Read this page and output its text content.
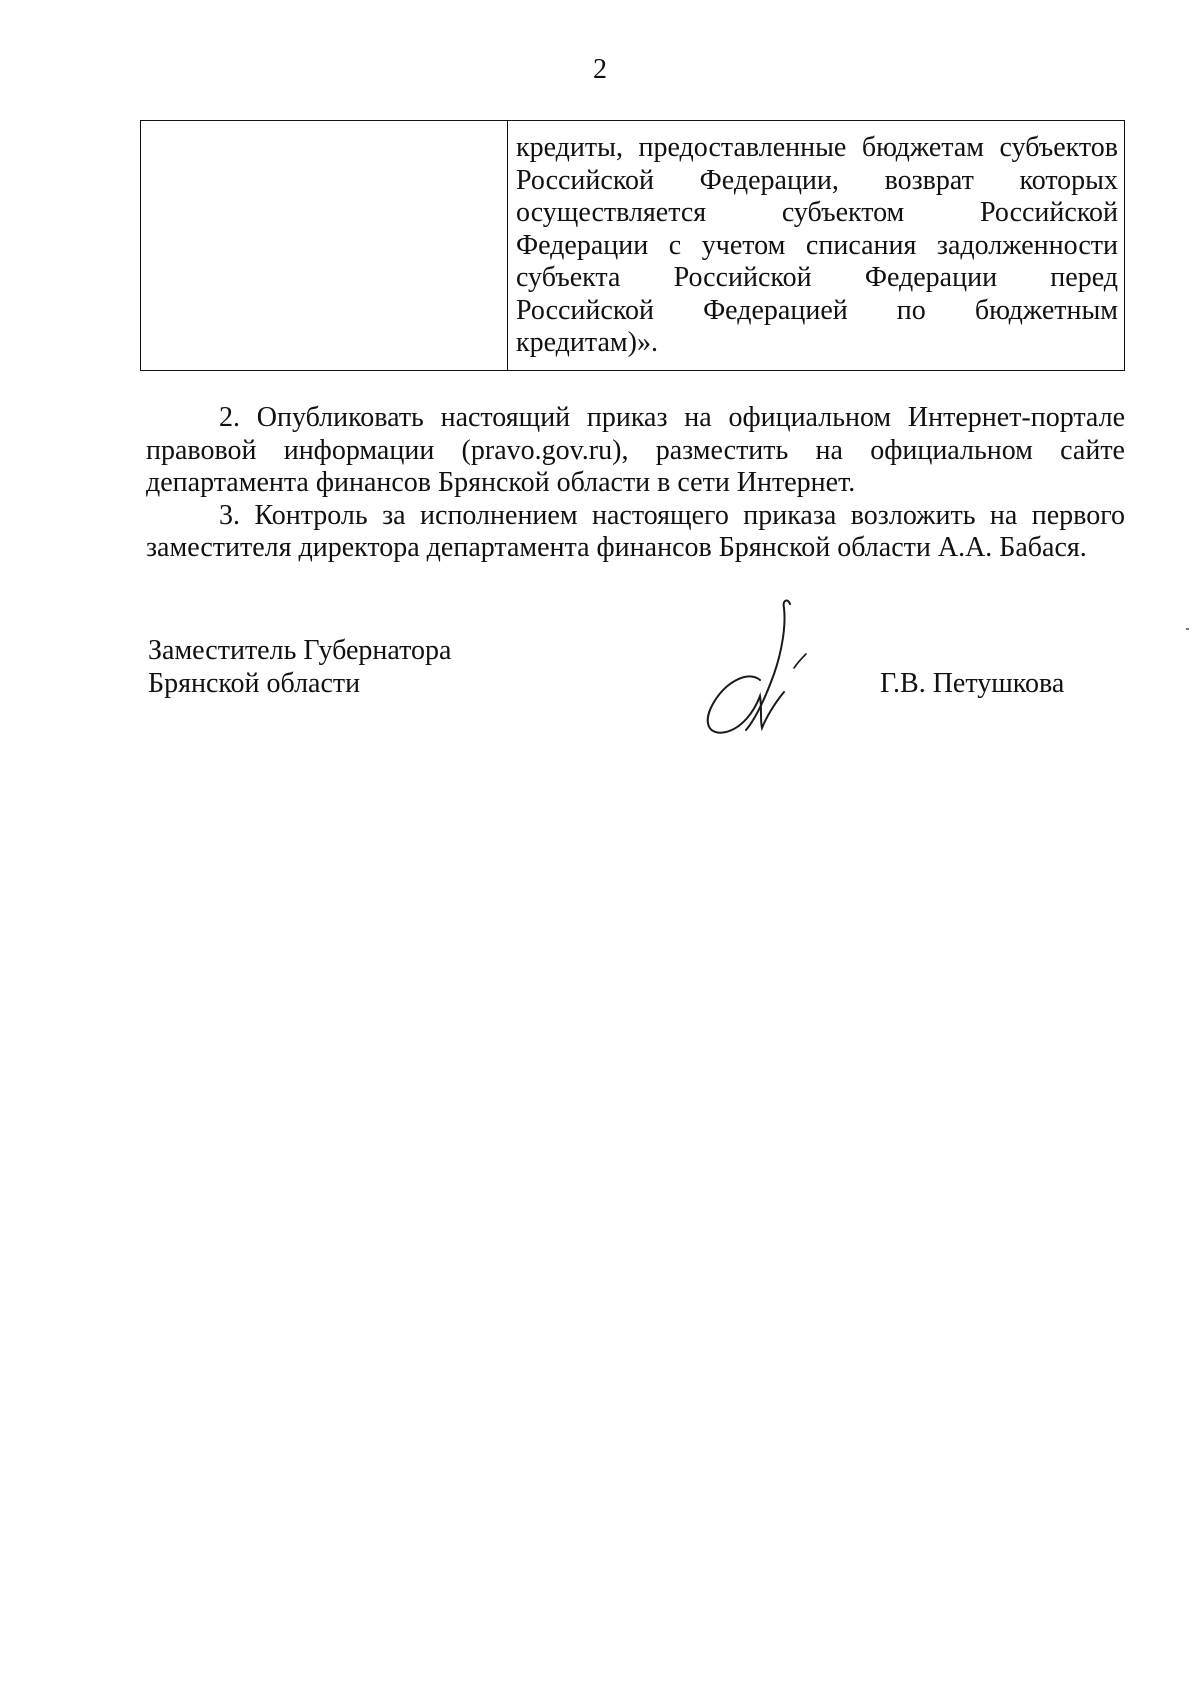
2

кредиты, предоставленные бюджетам субъектов Российской Федерации, возврат которых осуществляется субъектом Российской Федерации с учетом списания задолженности субъекта Российской Федерации перед Российской Федерацией по бюджетным кредитам)».

2. Опубликовать настоящий приказ на официальном Интернет-портале правовой информации (pravo.gov.ru), разместить на официальном сайте департамента финансов Брянской области в сети Интернет.

3. Контроль за исполнением настоящего приказа возложить на первого заместителя директора департамента финансов Брянской области А.А. Бабася.

Заместитель Губернатора
Брянской области	Г.В. Петушкова
